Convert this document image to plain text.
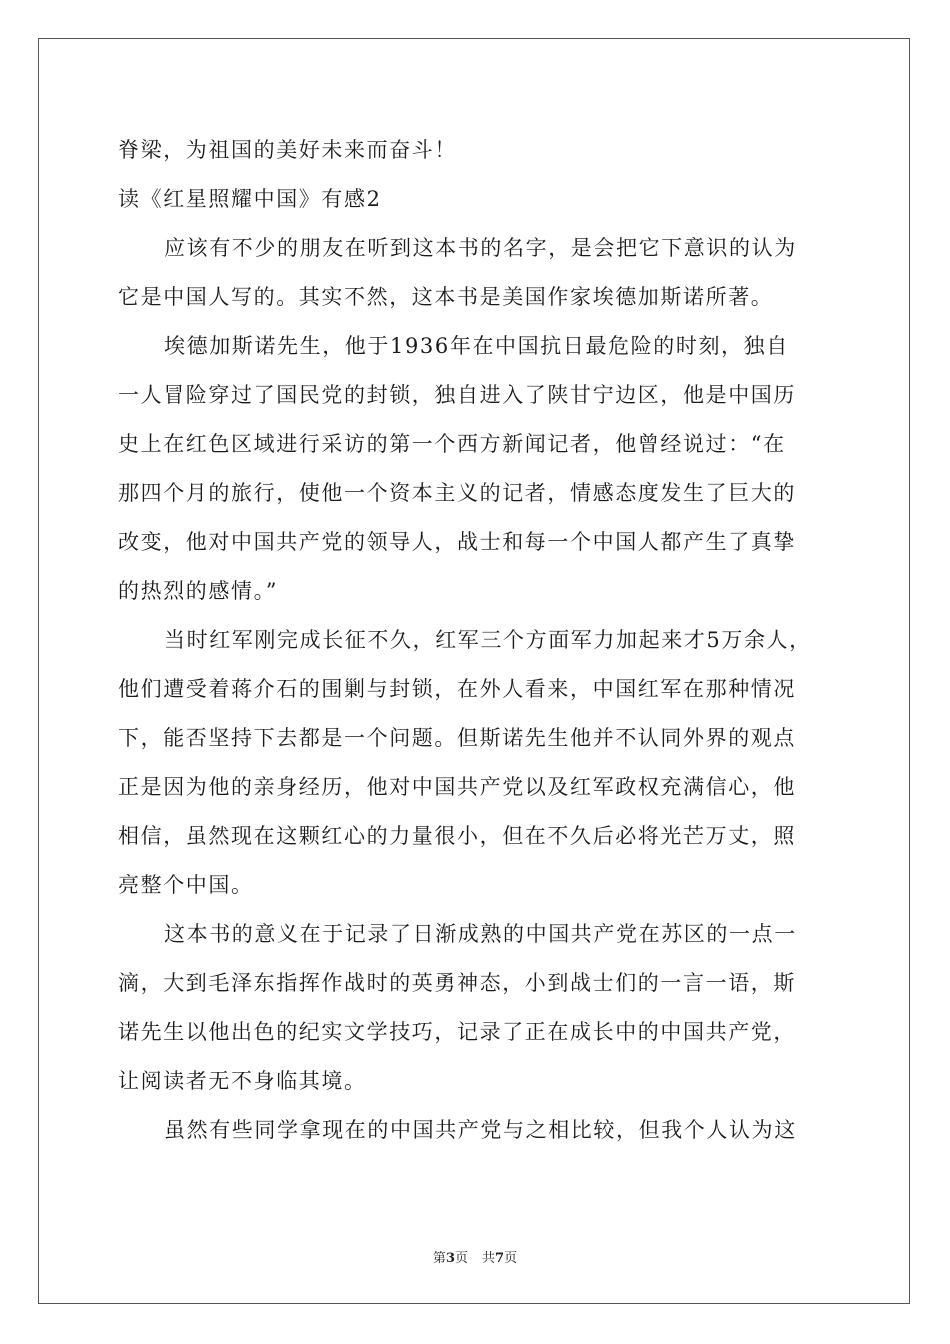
脊梁，为祖国的美好未来而奋斗！
读《红星照耀中国》有感2
应该有不少的朋友在听到这本书的名字，是会把它下意识的认为
它是中国人写的。其实不然，这本书是美国作家埃德加斯诺所著。
埃德加斯诺先生，他于1936年在中国抗日最危险的时刻，独自
一人冒险穿过了国民党的封锁，独自进入了陕甘宁边区，他是中国历
史上在红色区域进行采访的第一个西方新闻记者，他曾经说过：“在
那四个月的旅行，使他一个资本主义的记者，情感态度发生了巨大的
改变，他对中国共产党的领导人，战士和每一个中国人都产生了真挚
的热烈的感情。”
当时红军刚完成长征不久，红军三个方面军力加起来才5万余人，
他们遭受着蒋介石的围剿与封锁，在外人看来，中国红军在那种情况
下，能否坚持下去都是一个问题。但斯诺先生他并不认同外界的观点
正是因为他的亲身经历，他对中国共产党以及红军政权充满信心，他
相信，虽然现在这颗红心的力量很小，但在不久后必将光芒万丈，照
亮整个中国。
这本书的意义在于记录了日渐成熟的中国共产党在苏区的一点一
滴，大到毛泽东指挥作战时的英勇神态，小到战士们的一言一语，斯
诺先生以他出色的纪实文学技巧，记录了正在成长中的中国共产党，
让阅读者无不身临其境。
虽然有些同学拿现在的中国共产党与之相比较，但我个人认为这
第3页 共7页
